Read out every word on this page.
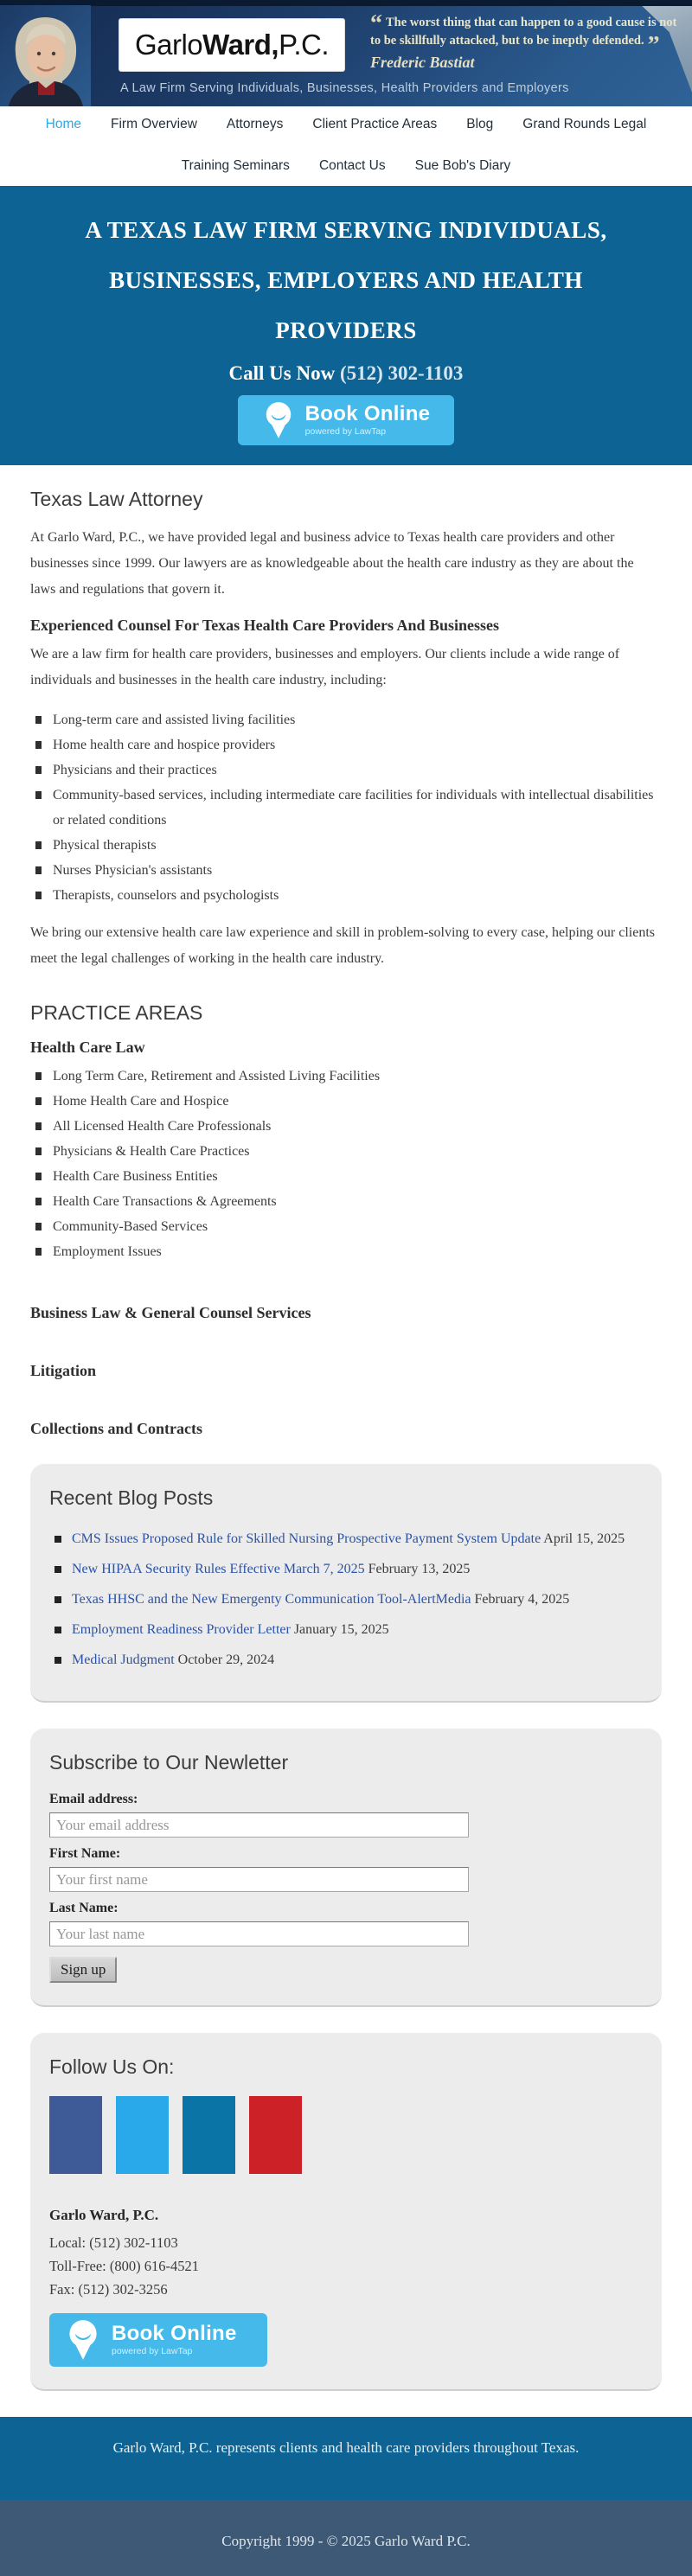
Garlo Ward, P.C.
A Law Firm Serving Individuals, Businesses, Health Providers and Employers
“ The worst thing that can happen to a good cause is not to be skillfully attacked, but to be ineptly defended. ” Frederic Bastiat
Home Firm Overview Attorneys Client Practice Areas Blog Grand Rounds Legal
Training Seminars Contact Us Sue Bob's Diary
A TEXAS LAW FIRM SERVING INDIVIDUALS, BUSINESSES, EMPLOYERS AND HEALTH PROVIDERS
Call Us Now (512) 302-1103
Book Online
powered by LawTap
Texas Law Attorney

At Garlo Ward, P.C., we have provided legal and business advice to Texas health care providers and other businesses since 1999. Our lawyers are as knowledgeable about the health care industry as they are about the laws and regulations that govern it.

Experienced Counsel For Texas Health Care Providers And Businesses

We are a law firm for health care providers, businesses and employers. Our clients include a wide range of individuals and businesses in the health care industry, including:

Long-term care and assisted living facilities
Home health care and hospice providers
Physicians and their practices
Community-based services, including intermediate care facilities for individuals with intellectual disabilities or related conditions
Physical therapists
Nurses Physician's assistants
Therapists, counselors and psychologists

We bring our extensive health care law experience and skill in problem-solving to every case, helping our clients meet the legal challenges of working in the health care industry.

PRACTICE AREAS
Health Care Law
Long Term Care, Retirement and Assisted Living Facilities
Home Health Care and Hospice
All Licensed Health Care Professionals
Physicians & Health Care Practices
Health Care Business Entities
Health Care Transactions & Agreements
Community-Based Services
Employment Issues
Business Law & General Counsel Services
Litigation
Collections and Contracts
Recent Blog Posts
CMS Issues Proposed Rule for Skilled Nursing Prospective Payment System Update April 15, 2025
New HIPAA Security Rules Effective March 7, 2025 February 13, 2025
Texas HHSC and the New Emergenty Communication Tool-AlertMedia February 4, 2025
Employment Readiness Provider Letter January 15, 2025
Medical Judgment October 29, 2024
Subscribe to Our Newletter
Email address:
Your email address
First Name:
Your first name
Last Name:
Your last name Sign up
Follow Us On:
Garlo Ward, P.C.
Local: (512) 302-1103
Toll-Free: (800) 616-4521
Fax: (512) 302-3256
Book Online
powered by LawTap
Garlo Ward, P.C. represents clients and health care providers throughout Texas.
Copyright 1999 - © 2025 Garlo Ward P.C.
